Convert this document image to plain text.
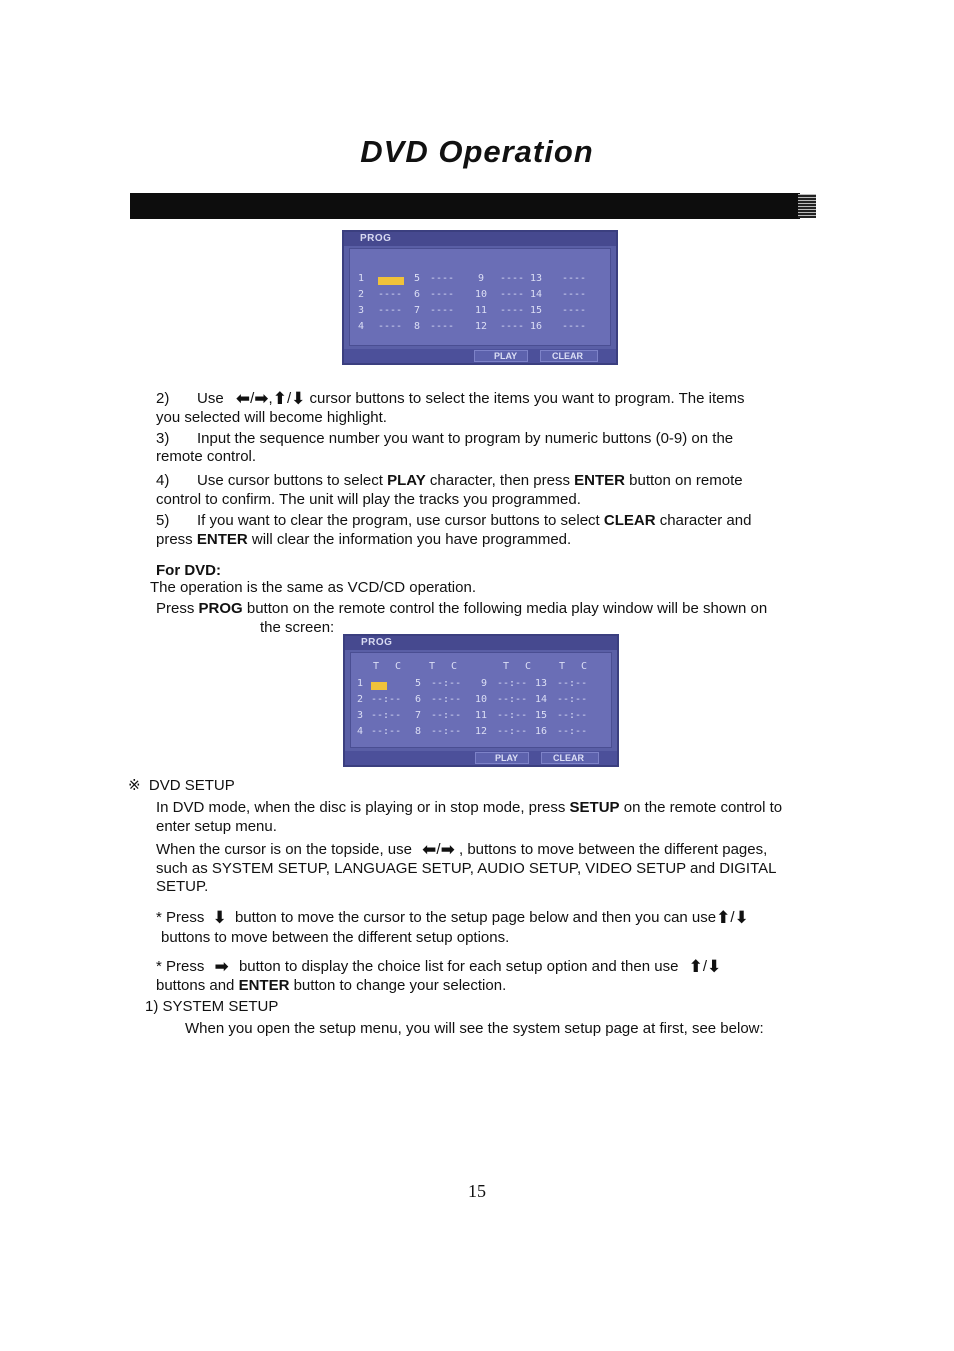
DVD Operation
PROG
1	5 ---- 9 ---- 13 ----
2 ---- 6 ---- 10 ---- 14 ----
3 ---- 7 ---- 11 ---- 15 ----
4 ---- 8 ---- 12 ---- 16 ----
PLAY	CLEAR
2) Use ⬅/➡,⬆/⬇ cursor buttons to select the items you want to program. The items
you selected will become highlight.
3) Input the sequence number you want to program by numeric buttons (0-9) on the
remote control.
4) Use cursor buttons to select PLAY character, then press ENTER button on remote
control to confirm. The unit will play the tracks you programmed.
5) If you want to clear the program, use cursor buttons to select CLEAR character and
press ENTER will clear the information you have programmed.
For DVD:
The operation is the same as VCD/CD operation.
Press PROG button on the remote control the following media play window will be shown on
the screen:
PROG
T C	T C	T C	T C
1	5 --:-- 9 --:-- 13 --:--
2 --:-- 6 --:-- 10 --:-- 14 --:--
3 --:-- 7 --:-- 11 --:-- 15 --:--
4 --:-- 8 --:-- 12 --:-- 16 --:--
PLAY	CLEAR
※ DVD SETUP
In DVD mode, when the disc is playing or in stop mode, press SETUP on the remote control to
enter setup menu.
When the cursor is on the topside, use ⬅/➡ , buttons to move between the different pages,
such as SYSTEM SETUP, LANGUAGE SETUP, AUDIO SETUP, VIDEO SETUP and DIGITAL
SETUP.
* Press ⬇ button to move the cursor to the setup page below and then you can use⬆/⬇
buttons to move between the different setup options.
* Press ➡ button to display the choice list for each setup option and then use ⬆/⬇
buttons and ENTER button to change your selection.
1) SYSTEM SETUP
When you open the setup menu, you will see the system setup page at first, see below:
15
